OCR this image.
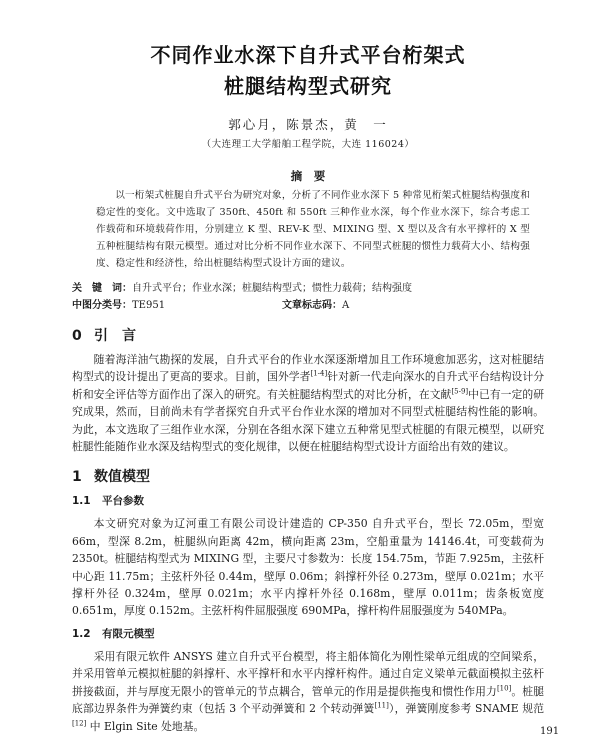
不同作业水深下自升式平台桁架式
桩腿结构型式研究
郭心月，陈景杰，黄　一
（大连理工大学船舶工程学院，大连 116024）
摘　要
以一桁架式桩腿自升式平台为研究对象，分析了不同作业水深下 5 种常见桁架式桩腿结构强度和稳定性的变化。文中选取了 350ft、450ft 和 550ft 三种作业水深，每个作业水深下，综合考虑工作载荷和环境载荷作用，分别建立 K 型、REV-K 型、MIXING 型、X 型以及含有水平撑杆的 X 型五种桩腿结构有限元模型。通过对比分析不同作业水深下、不同型式桩腿的惯性力载荷大小、结构强度、稳定性和经济性，给出桩腿结构型式设计方面的建议。
关　键　词：自升式平台；作业水深；桩腿结构型式；惯性力载荷；结构强度
中图分类号：TE951	文章标志码：A
0 引　言
随着海洋油气勘探的发展，自升式平台的作业水深逐渐增加且工作环境愈加恶劣，这对桩腿结构型式的设计提出了更高的要求。目前，国外学者[1-4]针对新一代走向深水的自升式平台结构设计分析和安全评估等方面作出了深入的研究。有关桩腿结构型式的对比分析，在文献[5-9]中已有一定的研究成果，然而，目前尚未有学者探究自升式平台作业水深的增加对不同型式桩腿结构性能的影响。为此，本文选取了三组作业水深，分别在各组水深下建立五种常见型式桩腿的有限元模型，以研究桩腿性能随作业水深及结构型式的变化规律，以便在桩腿结构型式设计方面给出有效的建议。
1 数值模型
1.1 平台参数
本文研究对象为辽河重工有限公司设计建造的 CP-350 自升式平台，型长 72.05m，型宽 66m，型深 8.2m，桩腿纵向距离 42m，横向距离 23m，空船重量为 14146.4t，可变载荷为 2350t。桩腿结构型式为 MIXING 型，主要尺寸参数为：长度 154.75m，节距 7.925m，主弦杆中心距 11.75m；主弦杆外径 0.44m，壁厚 0.06m；斜撑杆外径 0.273m，壁厚 0.021m；水平撑杆外径 0.324m，壁厚 0.021m；水平内撑杆外径 0.168m，壁厚 0.011m；齿条板宽度 0.651m，厚度 0.152m。主弦杆构件屈服强度 690MPa，撑杆构件屈服强度为 540MPa。
1.2 有限元模型
采用有限元软件 ANSYS 建立自升式平台模型，将主船体简化为刚性梁单元组成的空间梁系，并采用管单元模拟桩腿的斜撑杆、水平撑杆和水平内撑杆构件。通过自定义梁单元截面模拟主弦杆拼接截面，并与厚度无限小的管单元的节点耦合，管单元的作用是提供拖曳和惯性作用力[10]。桩腿底部边界条件为弹簧约束（包括 3 个平动弹簧和 2 个转动弹簧[11]），弹簧刚度参考 SNAME 规范[12] 中 Elgin Site 处地基。	191
